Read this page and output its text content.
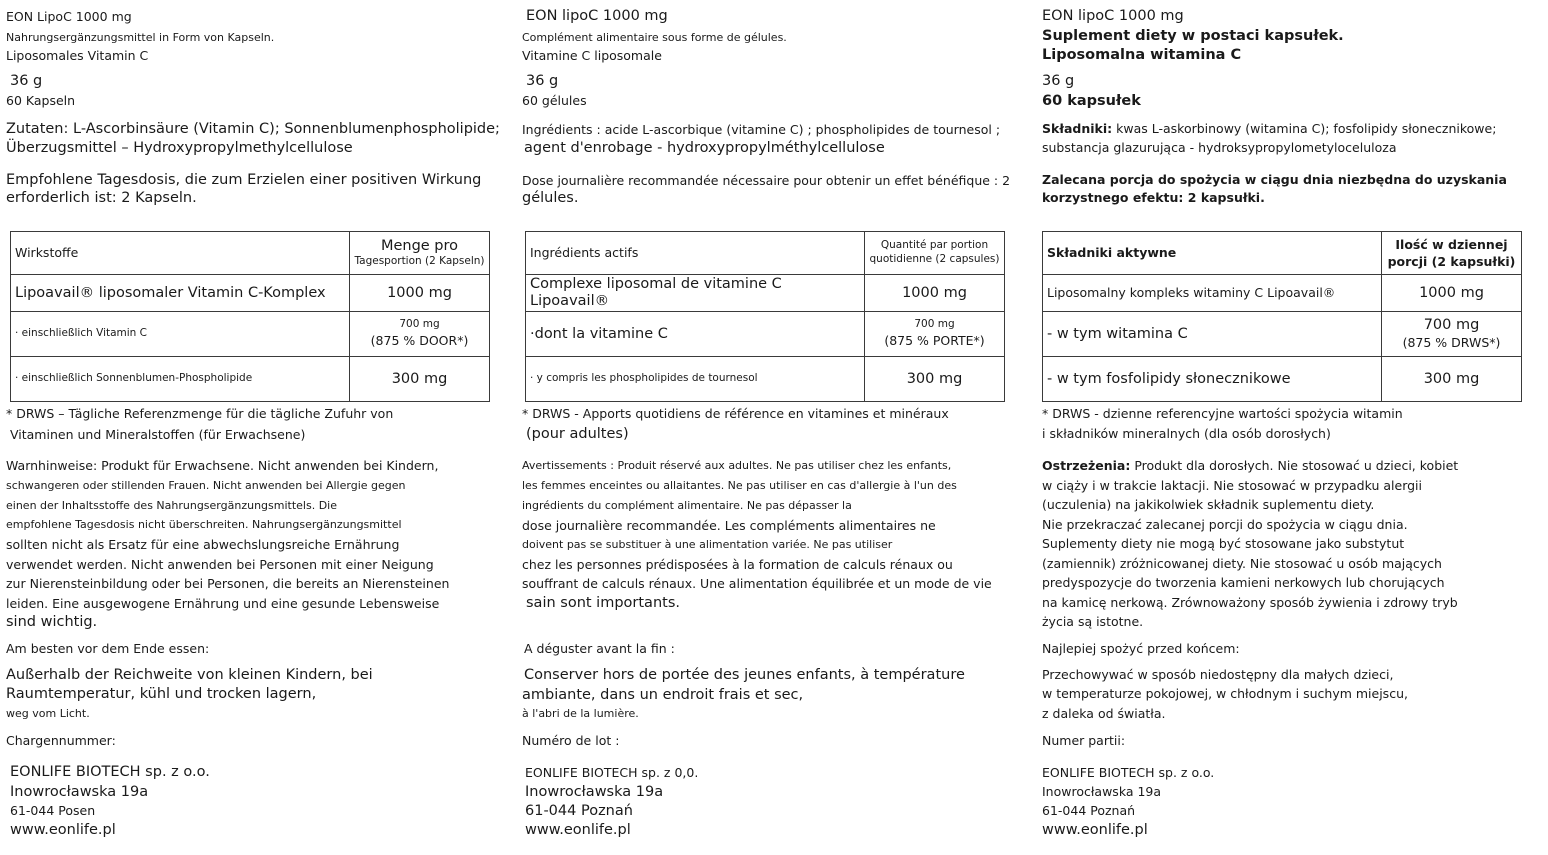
EON LipoC 1000 mg
Nahrungsergänzungsmittel in Form von Kapseln.
Liposomales Vitamin C
36 g
60 Kapseln
Zutaten: L-Ascorbinsäure (Vitamin C); Sonnenblumenphospholipide;
Überzugsmittel – Hydroxypropylmethylcellulose
Empfohlene Tagesdosis, die zum Erzielen einer positiven Wirkung
erforderlich ist: 2 Kapseln.
Wirkstoffe	Menge pro
Tagesportion (2 Kapseln)

Lipoavail® liposomaler Vitamin C-Komplex	1000 mg

· einschließlich Vitamin C	700 mg
(875 % DOOR*)

· einschließlich Sonnenblumen-Phospholipide	300 mg
* DRWS – Tägliche Referenzmenge für die tägliche Zufuhr von
Vitaminen und Mineralstoffen (für Erwachsene)
Warnhinweise: Produkt für Erwachsene. Nicht anwenden bei Kindern,
schwangeren oder stillenden Frauen. Nicht anwenden bei Allergie gegen
einen der Inhaltsstoffe des Nahrungsergänzungsmittels. Die
empfohlene Tagesdosis nicht überschreiten. Nahrungsergänzungsmittel
sollten nicht als Ersatz für eine abwechslungsreiche Ernährung
verwendet werden. Nicht anwenden bei Personen mit einer Neigung
zur Nierensteinbildung oder bei Personen, die bereits an Nierensteinen
leiden. Eine ausgewogene Ernährung und eine gesunde Lebensweise
sind wichtig.
Am besten vor dem Ende essen:
Außerhalb der Reichweite von kleinen Kindern, bei
Raumtemperatur, kühl und trocken lagern,
weg vom Licht.
Chargennummer:
EONLIFE BIOTECH sp. z o.o.
Inowrocławska 19a
61-044 Posen
www.eonlife.pl
EON lipoC 1000 mg
Complément alimentaire sous forme de gélules.
Vitamine C liposomale
36 g
60 gélules
Ingrédients : acide L-ascorbique (vitamine C) ; phospholipides de tournesol ;
agent d'enrobage - hydroxypropylméthylcellulose
Dose journalière recommandée nécessaire pour obtenir un effet bénéfique : 2
gélules.
Ingrédients actifs	Quantité par portion
quotidienne (2 capsules)

Complexe liposomal de vitamine C Lipoavail®	1000 mg

·dont la vitamine C	700 mg
(875 % PORTE*)

· y compris les phospholipides de tournesol	300 mg
* DRWS - Apports quotidiens de référence en vitamines et minéraux
(pour adultes)
Avertissements : Produit réservé aux adultes. Ne pas utiliser chez les enfants,
les femmes enceintes ou allaitantes. Ne pas utiliser en cas d'allergie à l'un des
ingrédients du complément alimentaire. Ne pas dépasser la
dose journalière recommandée. Les compléments alimentaires ne
doivent pas se substituer à une alimentation variée. Ne pas utiliser
chez les personnes prédisposées à la formation de calculs rénaux ou
souffrant de calculs rénaux. Une alimentation équilibrée et un mode de vie
sain sont importants.
A déguster avant la fin :
Conserver hors de portée des jeunes enfants, à température
ambiante, dans un endroit frais et sec,
à l'abri de la lumière.
Numéro de lot :
EONLIFE BIOTECH sp. z 0,0.
Inowrocławska 19a
61-044 Poznań
www.eonlife.pl
EON lipoC 1000 mg
Suplement diety w postaci kapsułek.
Liposomalna witamina C
36 g
60 kapsułek
Składniki: kwas L-askorbinowy (witamina C); fosfolipidy słonecznikowe;
substancja glazurująca - hydroksypropylometyloceluloza
Zalecana porcja do spożycia w ciągu dnia niezbędna do uzyskania
korzystnego efektu: 2 kapsułki.
Składniki aktywne	Ilość w dziennej
porcji (2 kapsułki)

Liposomalny kompleks witaminy C Lipoavail®	1000 mg

- w tym witamina C	700 mg
(875 % DRWS*)

- w tym fosfolipidy słonecznikowe	300 mg
* DRWS - dzienne referencyjne wartości spożycia witamin
i składników mineralnych (dla osób dorosłych)
Ostrzeżenia: Produkt dla dorosłych. Nie stosować u dzieci, kobiet
w ciąży i w trakcie laktacji. Nie stosować w przypadku alergii
(uczulenia) na jakikolwiek składnik suplementu diety.
Nie przekraczać zalecanej porcji do spożycia w ciągu dnia.
Suplementy diety nie mogą być stosowane jako substytut
(zamiennik) zróżnicowanej diety. Nie stosować u osób mających
predyspozycje do tworzenia kamieni nerkowych lub chorujących
na kamicę nerkową. Zrównoważony sposób żywienia i zdrowy tryb
życia są istotne.
Najlepiej spożyć przed końcem:
Przechowywać w sposób niedostępny dla małych dzieci,
w temperaturze pokojowej, w chłodnym i suchym miejscu,
z daleka od światła.
Numer partii:
EONLIFE BIOTECH sp. z o.o.
Inowrocławska 19a
61-044 Poznań
www.eonlife.pl
